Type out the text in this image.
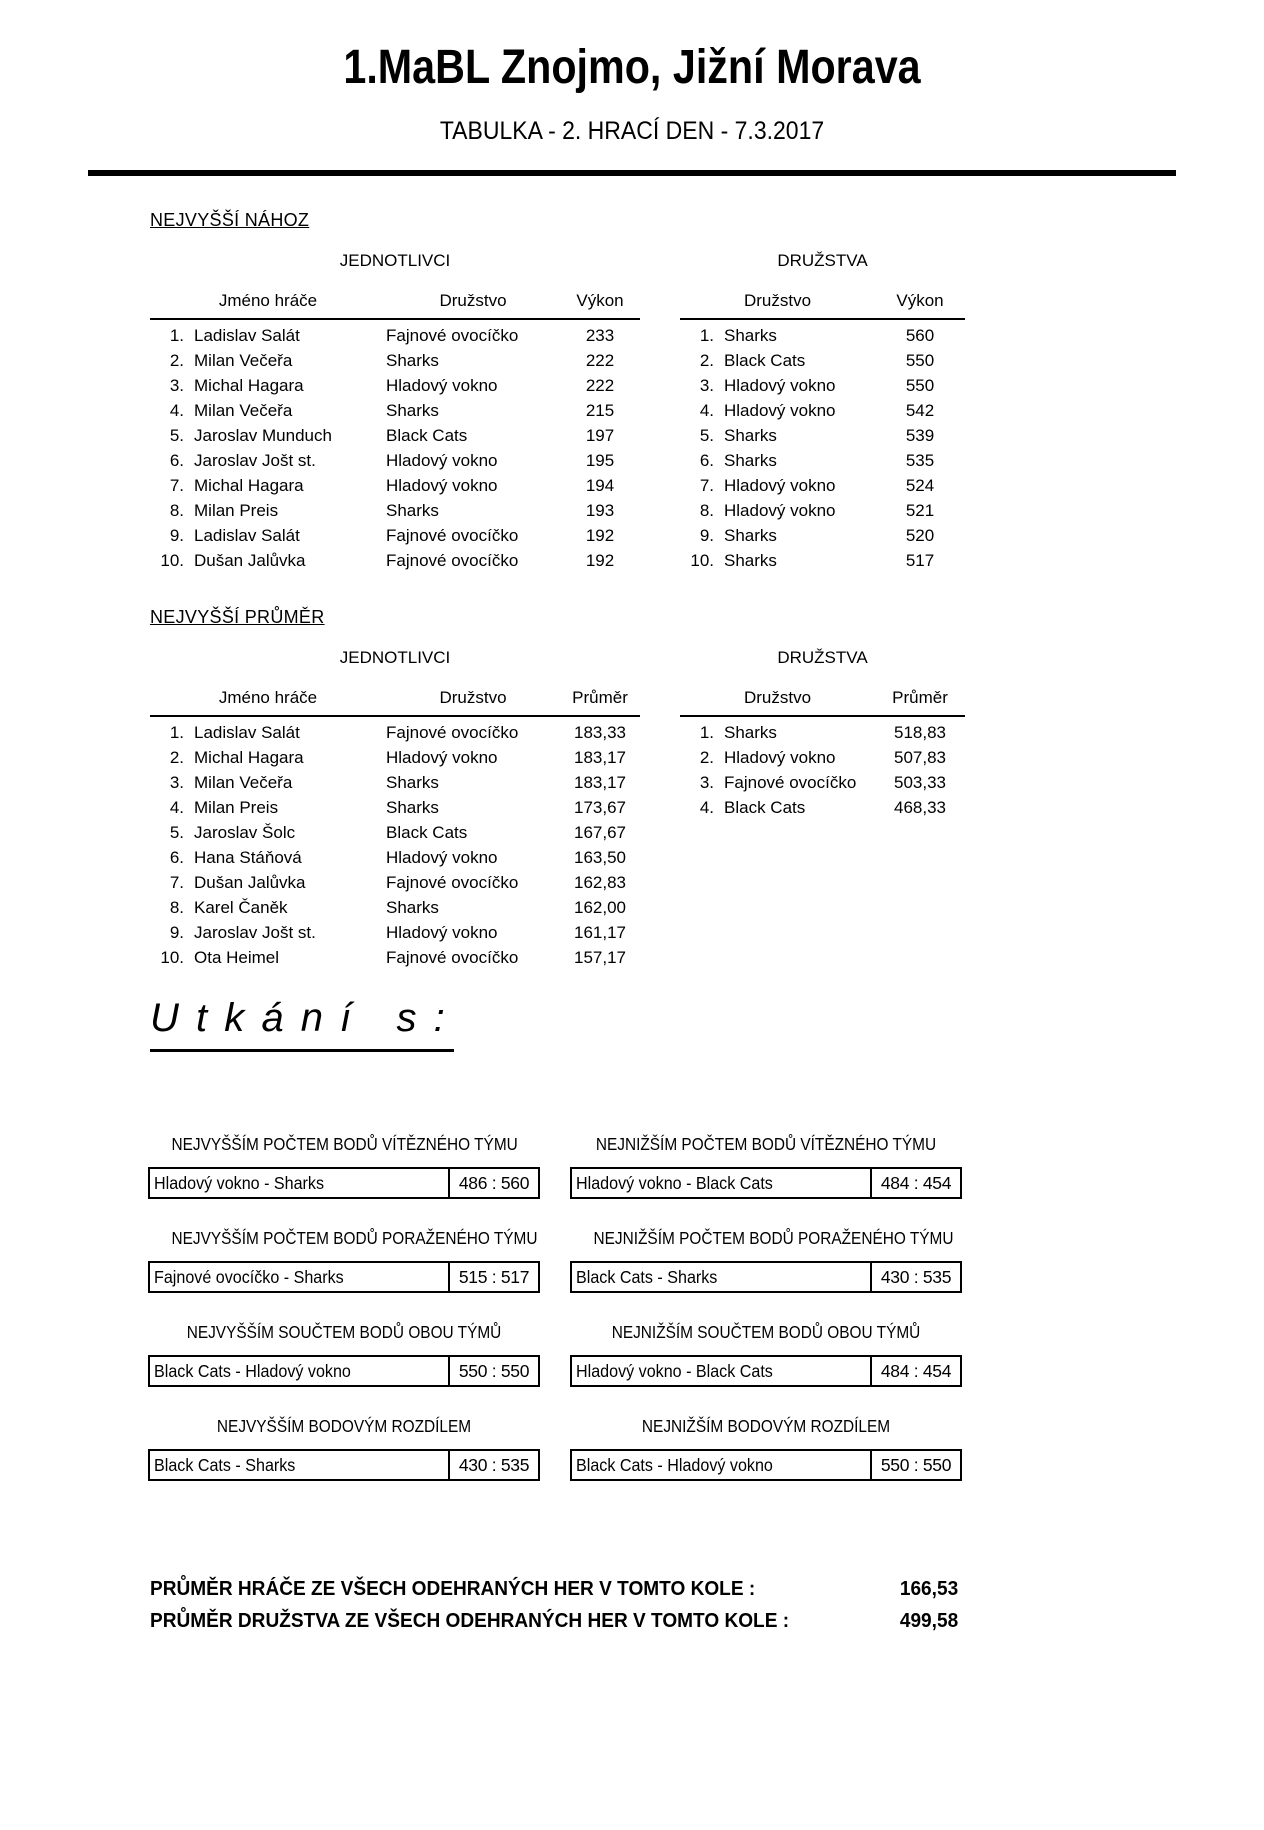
1.MaBL Znojmo, Jižní Morava
TABULKA - 2. HRACÍ DEN - 7.3.2017
NEJVYŠŠÍ NÁHOZ
JEDNOTLIVCI
Jméno hráče	Družstvo	Výkon
1. Ladislav Salát	Fajnové ovocíčko	233
2. Milan Večeřa	Sharks	222
3. Michal Hagara	Hladový vokno	222
4. Milan Večeřa	Sharks	215
5. Jaroslav Munduch	Black Cats	197
6. Jaroslav Jošt st.	Hladový vokno	195
7. Michal Hagara	Hladový vokno	194
8. Milan Preis	Sharks	193
9. Ladislav Salát	Fajnové ovocíčko	192
10. Dušan Jalůvka	Fajnové ovocíčko	192
DRUŽSTVA
Družstvo	Výkon
1. Sharks	560
2. Black Cats	550
3. Hladový vokno	550
4. Hladový vokno	542
5. Sharks	539
6. Sharks	535
7. Hladový vokno	524
8. Hladový vokno	521
9. Sharks	520
10. Sharks	517
NEJVYŠŠÍ PRŮMĚR
JEDNOTLIVCI
Jméno hráče	Družstvo	Průměr
1. Ladislav Salát	Fajnové ovocíčko	183,33
2. Michal Hagara	Hladový vokno	183,17
3. Milan Večeřa	Sharks	183,17
4. Milan Preis	Sharks	173,67
5. Jaroslav Šolc	Black Cats	167,67
6. Hana Stáňová	Hladový vokno	163,50
7. Dušan Jalůvka	Fajnové ovocíčko	162,83
8. Karel Čaněk	Sharks	162,00
9. Jaroslav Jošt st.	Hladový vokno	161,17
10. Ota Heimel	Fajnové ovocíčko	157,17
DRUŽSTVA
Družstvo	Průměr
1. Sharks	518,83
2. Hladový vokno	507,83
3. Fajnové ovocíčko	503,33
4. Black Cats	468,33
U t k á n í   s :
NEJVYŠŠÍM POČTEM BODŮ VÍTĚZNÉHO TÝMU
Hladový vokno - Sharks	486 : 560
NEJNIŽŠÍM POČTEM BODŮ VÍTĚZNÉHO TÝMU
Hladový vokno - Black Cats	484 : 454
NEJVYŠŠÍM POČTEM BODŮ PORAŽENÉHO TÝMU
Fajnové ovocíčko - Sharks	515 : 517
NEJNIŽŠÍM POČTEM BODŮ PORAŽENÉHO TÝMU
Black Cats - Sharks	430 : 535
NEJVYŠŠÍM SOUČTEM BODŮ OBOU TÝMŮ
Black Cats - Hladový vokno	550 : 550
NEJNIŽŠÍM SOUČTEM BODŮ OBOU TÝMŮ
Hladový vokno - Black Cats	484 : 454
NEJVYŠŠÍM BODOVÝM ROZDÍLEM
Black Cats - Sharks	430 : 535
NEJNIŽŠÍM BODOVÝM ROZDÍLEM
Black Cats - Hladový vokno	550 : 550
PRŮMĚR HRÁČE ZE VŠECH ODEHRANÝCH HER V TOMTO KOLE :	166,53
PRŮMĚR DRUŽSTVA ZE VŠECH ODEHRANÝCH HER V TOMTO KOLE :	499,58
